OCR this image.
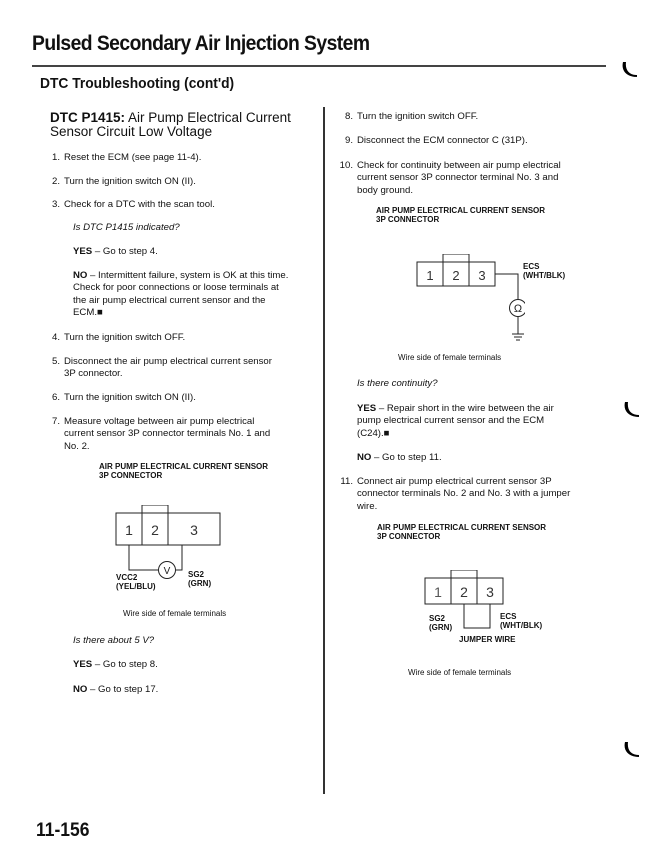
Pulsed Secondary Air Injection System
DTC Troubleshooting (cont'd)
DTC P1415: Air Pump Electrical Current
Sensor Circuit Low Voltage
1. Reset the ECM (see page 11-4).
2. Turn the ignition switch ON (II).
3. Check for a DTC with the scan tool.
Is DTC P1415 indicated?
YES – Go to step 4.
NO – Intermittent failure, system is OK at this time.
Check for poor connections or loose terminals at
the air pump electrical current sensor and the
ECM.■
4. Turn the ignition switch OFF.
5. Disconnect the air pump electrical current sensor
3P connector.
6. Turn the ignition switch ON (II).
7. Measure voltage between air pump electrical
current sensor 3P connector terminals No. 1 and
No. 2.
AIR PUMP ELECTRICAL CURRENT SENSOR
3P CONNECTOR
1 2 3
V
VCC2
(YEL/BLU)
SG2
(GRN)
Wire side of female terminals
Is there about 5 V?
YES – Go to step 8.
NO – Go to step 17.
8. Turn the ignition switch OFF.
9. Disconnect the ECM connector C (31P).
10. Check for continuity between air pump electrical
current sensor 3P connector terminal No. 3 and
body ground.
AIR PUMP ELECTRICAL CURRENT SENSOR
3P CONNECTOR
1 2 3
Ω
ECS
(WHT/BLK)
Wire side of female terminals
Is there continuity?
YES – Repair short in the wire between the air
pump electrical current sensor and the ECM
(C24).■
NO – Go to step 11.
11. Connect air pump electrical current sensor 3P
connector terminals No. 2 and No. 3 with a jumper
wire.
AIR PUMP ELECTRICAL CURRENT SENSOR
3P CONNECTOR
1 2 3
SG2
(GRN)
ECS
(WHT/BLK)
JUMPER WIRE
Wire side of female terminals
11-156
